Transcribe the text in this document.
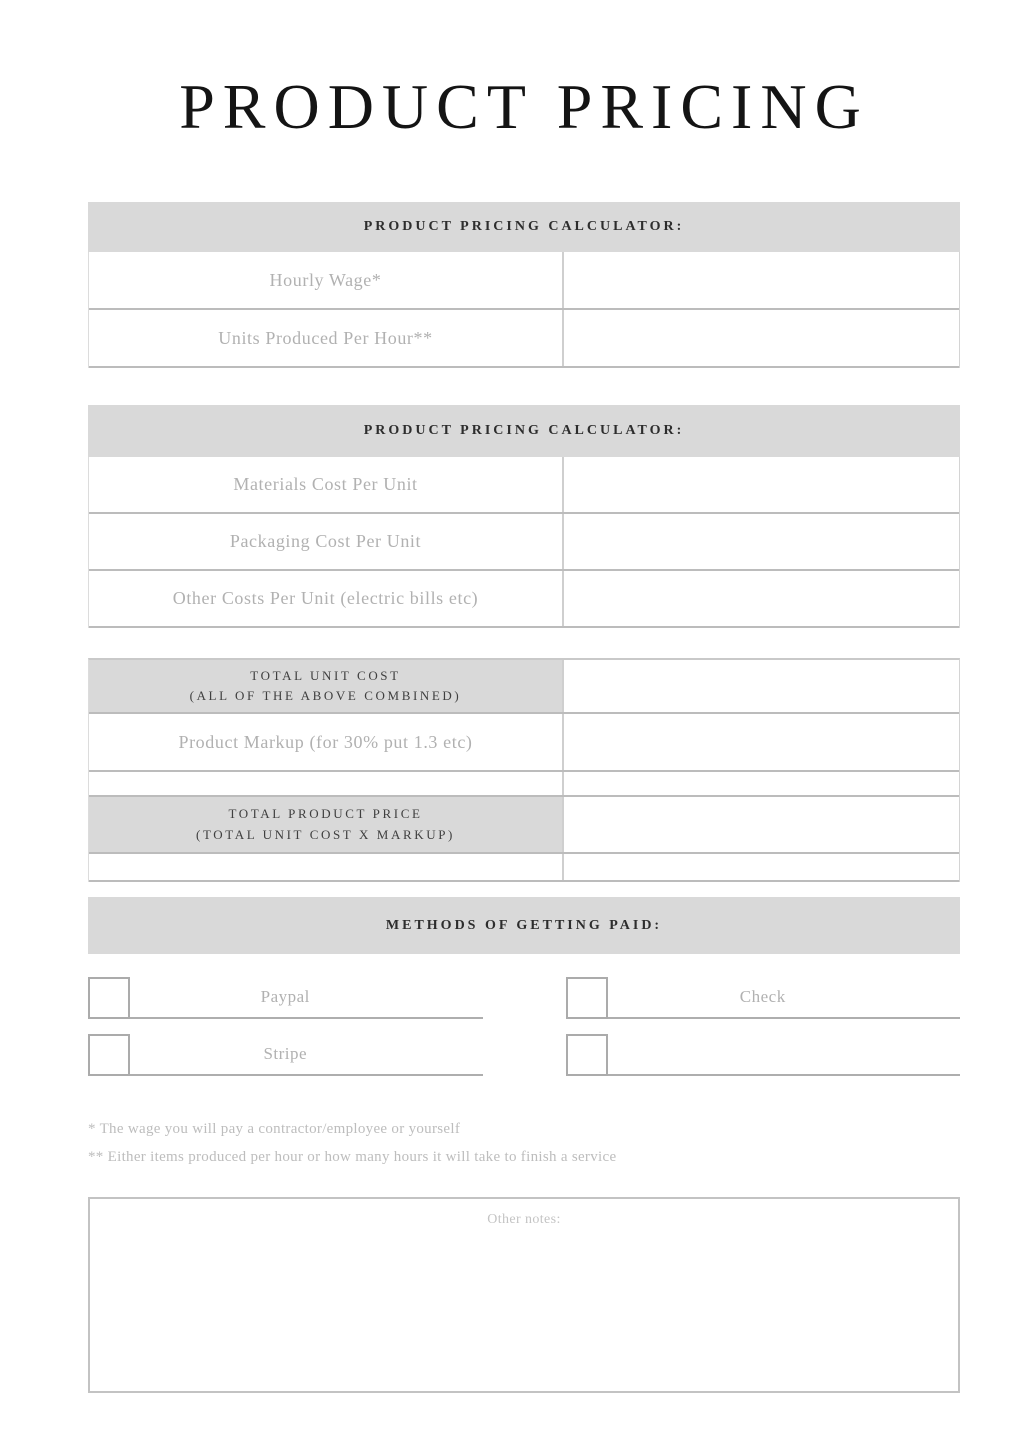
PRODUCT PRICING
PRODUCT PRICING CALCULATOR:
Hourly Wage*
Units Produced Per Hour**
PRODUCT PRICING CALCULATOR:
Materials Cost Per Unit
Packaging Cost Per Unit
Other Costs Per Unit (electric bills etc)
TOTAL UNIT COST
(ALL OF THE ABOVE COMBINED)
Product Markup (for 30% put 1.3 etc)
TOTAL PRODUCT PRICE
(TOTAL UNIT COST X MARKUP)
METHODS OF GETTING PAID:
Paypal	Check
Stripe
* The wage you will pay a contractor/employee or yourself
** Either items produced per hour or how many hours it will take to finish a service
Other notes:
